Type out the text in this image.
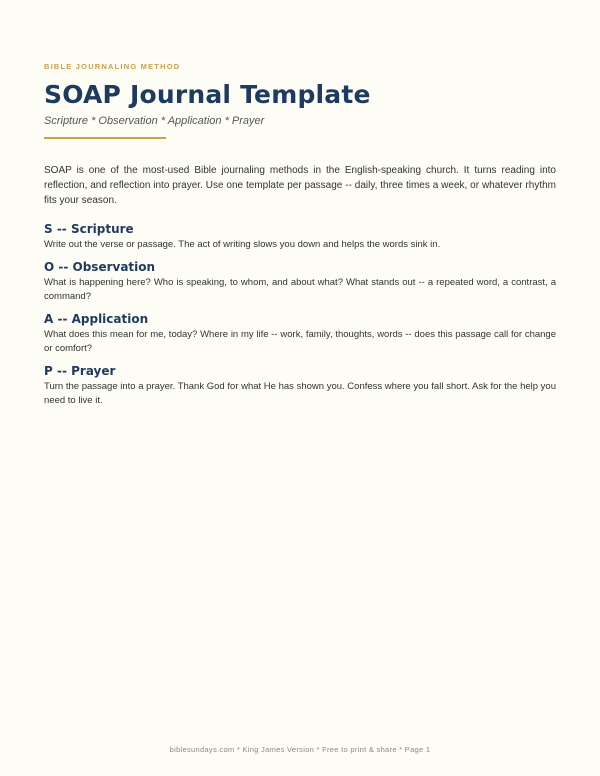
BIBLE JOURNALING METHOD
SOAP Journal Template
Scripture * Observation * Application * Prayer

SOAP is one of the most-used Bible journaling methods in the English-speaking church. It turns reading into reflection, and reflection into prayer. Use one template per passage -- daily, three times a week, or whatever rhythm fits your season.

S -- Scripture

Write out the verse or passage. The act of writing slows you down and helps the words sink in.

O -- Observation

What is happening here? Who is speaking, to whom, and about what? What stands out -- a repeated word, a contrast, a command?

A -- Application

What does this mean for me, today? Where in my life -- work, family, thoughts, words -- does this passage call for change or comfort?

P -- Prayer

Turn the passage into a prayer. Thank God for what He has shown you. Confess where you fall short. Ask for the help you need to live it.

biblesundays.com * King James Version * Free to print & share * Page 1
